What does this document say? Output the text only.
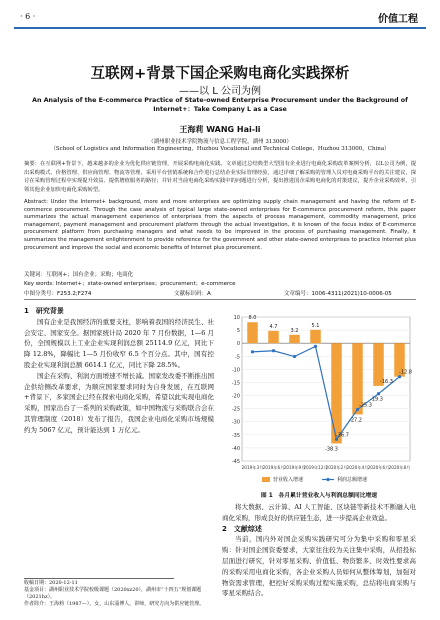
· 6 ·	价值工程
互联网+背景下国企采购电商化实践探析
——以 L 公司为例
An Analysis of the E-commerce Practice of State-owned Enterprise Procurement under the Background of Internet+：Take Company L as a Case
王海莉 WANG Hai-li
（湖州职业技术学院物流与信息工程学院，湖州 313000）
（School of Logistics and Information Engineering，Huzhou Vocational and Technical College，Huzhou 313000，China）
摘要：在互联网+背景下，越来越多的企业为优化供应链管理，开展采购电商化实践。文章通过总结典型大型国有企业进行电商化采购改革案例分析，以L公司为例，提出采购模式、价格管理、供应商管理、物流等管理，采用平台营销系统和合作进行总结企业实际管理经验，通过详细了解采购的管理人员对电商采购平台的关注建议，探讨在采购管理过程中实现提升效益、提供增值服务的路径；并针对当前电商化采购实践中的问题进行分析，提出推进国企采购电商化的对策建议，提升企业采购效率，引领其他企业加快电商化采购转型。
Abstract: Under the Internet+ background, more and more enterprises are optimizing supply chain management and having the reform of E-commerce procurement. Through the case analysis of typical large state-owned enterprises for E-commerce procurement reform, this paper summarizes the actual management experience of enterprises from the aspects of process management, commodity management, price management, payment management and procurement platform through the actual investigation, it is known of the focus index of E-commerce procurement platform from purchasing managers and what needs to be improved in the process of purchasing management. Finally, it summarizes the management enlightenment to provide reference for the government and other state-owned enterprises to practice Internet plus procurement and improve the social and economic benefits of Internet plus procurement.
关键词：互联网+；国有企业；采购；电商化
Key words: Internet+；state-owned enterprises；procurement；e-commerce
中图分类号：F253.2;F274	文献标识码：A	文章编号：1006-4311(2021)10-0006-05
1　研究背景
国有企业是我国经济的重要支柱，影响着我国的经济民生、社会安定、国家安全。据国家统计局 2020 年 7 月份数据，1—6 月份，全国规模以上工业企业实现利润总额 25114.9 亿元，同比下降 12.8%，降幅比 1—5 月份收窄 6.5 个百分点。其中，国有控股企业实现利润总额 6614.1 亿元，同比下降 28.5%。
国企在采购、利润方面增速不增长减。国家发改委不断推出国企供给侧改革要求，为顺应国家要求同时为自身发展，在互联网+背景下，多家国企已经在探索电商化采购，希望以此实现电商化采购，国家出台了一系列的采购政策，如中国物流与采购联合会在其管理制度（2018）发布了报告，我国企业电商化采购市场规模约为 5067 亿元，预计能达到 1 万亿元。
10
5
0
-5
-10
-15
-20
-25
-30
-35
-40
-45
8.0
4.7
3.2
5.1
-38.3
-36.7
-27.2
-25.3
-19.3
-16.3
-12.8
2019年3月 2019年6月 2019年9月
2019年12月
2020年2月 2020年4月 2020年6月 2020年8月
营业收入增速	利润总额增速
图 1　各月累计营业收入与利润总额同比增速
将大数据、云计算、AI 人工智能、区块链等新技术不断融入电商化采购，形成良好的供应链生态，进一步提高企业效益。
2　文献综述
当前，国内外对国企采购实践研究可分为集中采购和零星采购：针对国企国资委要求，大家往往较为关注集中采购，从招投标层面进行研究，针对零星采购、价值低、物资繁多、时效性要求高的采购采用电商化采购，各企业采购人员如何从整体筹划，加强对物资需求管理，把控好采购采购过程实施采购，总结将电商采购与零星采购结合。
收稿日期：2020-12-11
基金项目：湖州职业技术学院校级课题（2020xz20），湖州市“十四五”规划课题（2021hz）。
作者简介：王海莉（1987—），女，山东淄博人，讲师，研究方向为供应链管理。
